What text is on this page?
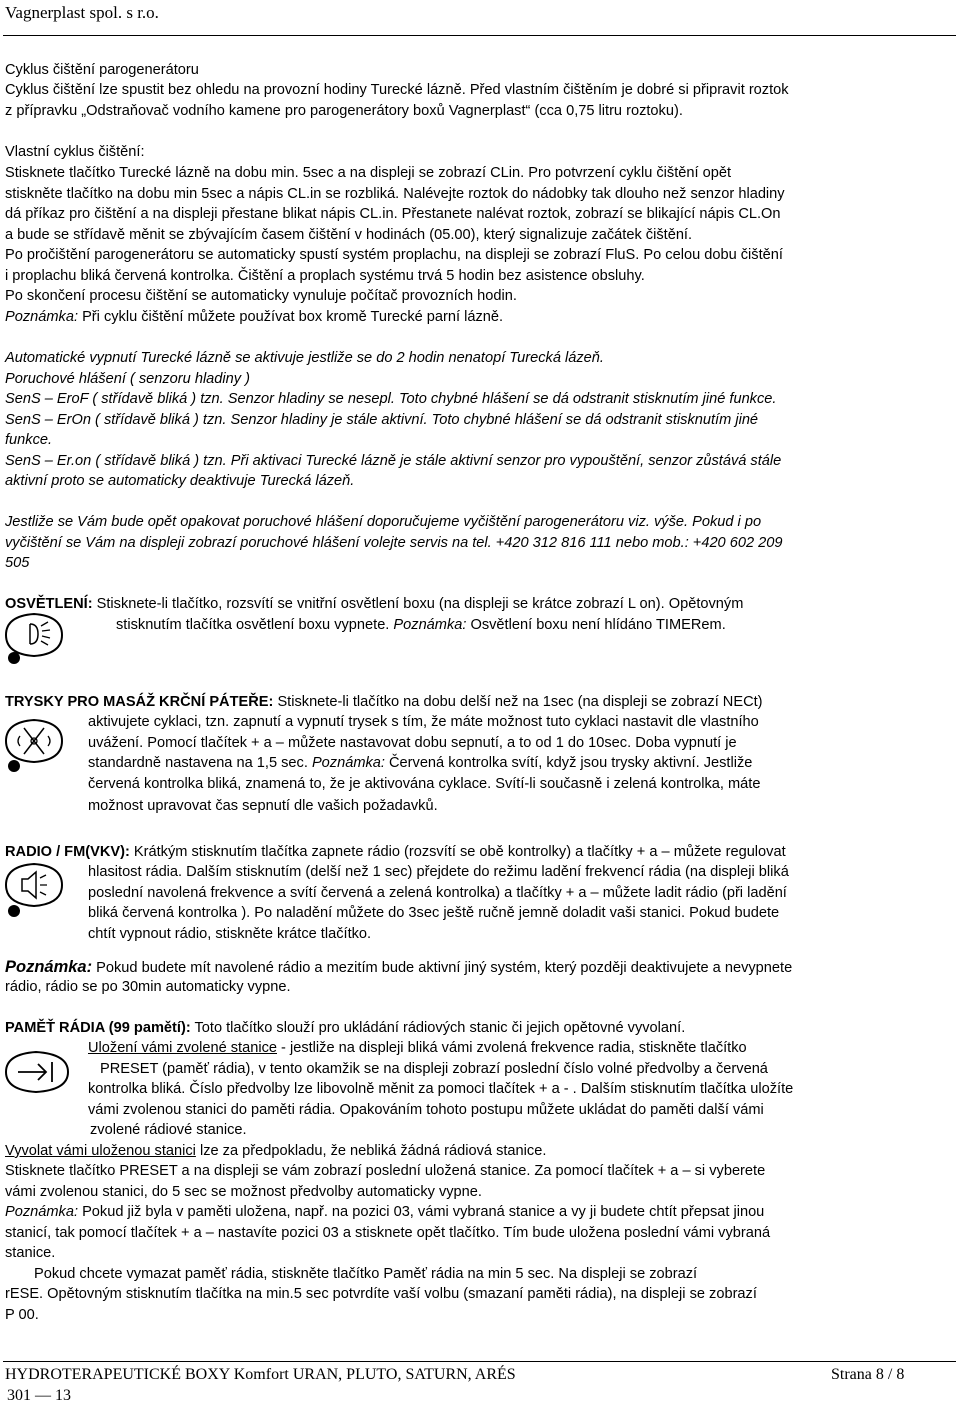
Vagnerplast spol. s r.o.
Cyklus čištění parogenerátoru
Cyklus čištění lze spustit bez ohledu na provozní hodiny Turecké lázně. Před vlastním čištěním je dobré si připravit roztok
z přípravku „Odstraňovač vodního kamene pro parogenerátory boxů Vagnerplast“ (cca 0,75 litru roztoku).
Vlastní cyklus čištění:
Stisknete tlačítko Turecké lázně na dobu min. 5sec a na displeji se zobrazí CLin. Pro potvrzení cyklu čištění opět
stiskněte tlačítko na dobu min 5sec a nápis CL.in se rozbliká. Nalévejte roztok do nádobky tak dlouho než senzor hladiny
dá příkaz pro čištění a na displeji přestane blikat nápis CL.in. Přestanete nalévat roztok, zobrazí se blikající nápis CL.On
a bude se střídavě měnit se zbývajícím časem čištění v hodinách (05.00), který signalizuje začátek čištění.
Po pročištění parogenerátoru se automaticky spustí systém proplachu, na displeji se zobrazí FluS. Po celou dobu čištění
i proplachu bliká červená kontrolka. Čištění a proplach systému trvá 5 hodin bez asistence obsluhy.
Po skončení procesu čištění se automaticky vynuluje počítač provozních hodin.
Poznámka: Při cyklu čištění můžete používat box kromě Turecké parní lázně.
Automatické vypnutí Turecké lázně se aktivuje jestliže se do 2 hodin nenatopí Turecká lázeň.
Poruchové hlášení ( senzoru hladiny )
SenS – EroF ( střídavě bliká ) tzn. Senzor hladiny se nesepl. Toto chybné hlášení se dá odstranit stisknutím jiné funkce.
SenS – ErOn ( střídavě bliká ) tzn. Senzor hladiny je stále aktivní. Toto chybné hlášení se dá odstranit stisknutím jiné
funkce.
SenS – Er.on ( střídavě bliká ) tzn. Při aktivaci Turecké lázně je stále aktivní senzor pro vypouštění, senzor zůstává stále
aktivní proto se automaticky deaktivuje Turecká lázeň.
Jestliže se Vám bude opět opakovat poruchové hlášení doporučujeme vyčištění parogenerátoru viz. výše. Pokud i po
vyčištění se Vám na displeji zobrazí poruchové hlášení volejte servis na tel. +420 312 816 111 nebo mob.: +420 602 209
505
OSVĚTLENÍ: Stisknete-li tlačítko, rozsvítí se vnitřní osvětlení boxu (na displeji se krátce zobrazí L on). Opětovným
stisknutím tlačítka osvětlení boxu vypnete. Poznámka: Osvětlení boxu není hlídáno TIMERem.
TRYSKY PRO MASÁŽ KRČNÍ PÁTEŘE: Stisknete-li tlačítko na dobu delší než na 1sec (na displeji se zobrazí NECt)
aktivujete cyklaci, tzn. zapnutí a vypnutí trysek s tím, že máte možnost tuto cyklaci nastavit dle vlastního
uvážení. Pomocí tlačítek + a – můžete nastavovat dobu sepnutí, a to od 1 do 10sec. Doba vypnutí je
standardně nastavena na 1,5 sec. Poznámka: Červená kontrolka svítí, když jsou trysky aktivní. Jestliže
červená kontrolka bliká, znamená to, že je aktivována cyklace. Svítí-li současně i zelená kontrolka, máte
možnost upravovat čas sepnutí dle vašich požadavků.
RADIO / FM(VKV): Krátkým stisknutím tlačítka zapnete rádio (rozsvítí se obě kontrolky) a tlačítky + a – můžete regulovat
hlasitost rádia. Dalším stisknutím (delší než 1 sec) přejdete do režimu ladění frekvencí rádia (na displeji bliká
poslední navolená frekvence a svítí červená a zelená kontrolka) a tlačítky + a – můžete ladit rádio (při ladění
bliká červená kontrolka ). Po naladění můžete do 3sec ještě ručně jemně doladit vaši stanici. Pokud budete
chtít vypnout rádio, stiskněte krátce tlačítko.
Poznámka: Pokud budete mít navolené rádio a mezitím bude aktivní jiný systém, který později deaktivujete a nevypnete
rádio, rádio se po 30min automaticky vypne.
PAMĚŤ RÁDIA (99 pamětí): Toto tlačítko slouží pro ukládání rádiových stanic či jejich opětovné vyvolaní.
Uložení vámi zvolené stanice - jestliže na displeji bliká vámi zvolená frekvence radia, stiskněte tlačítko
PRESET (paměť rádia), v tento okamžik se na displeji zobrazí poslední číslo volné předvolby a červená
kontrolka bliká. Číslo předvolby lze libovolně měnit za pomoci tlačítek + a - . Dalším stisknutím tlačítka uložíte
vámi zvolenou stanici do paměti rádia. Opakováním tohoto postupu můžete ukládat do paměti další vámi
zvolené rádiové stanice.
Vyvolat vámi uloženou stanici lze za předpokladu, že nebliká žádná rádiová stanice.
Stisknete tlačítko PRESET a na displeji se vám zobrazí poslední uložená stanice. Za pomocí tlačítek + a – si vyberete
vámi zvolenou stanici, do 5 sec se možnost předvolby automaticky vypne.
Poznámka: Pokud již byla v paměti uložena, např. na pozici 03, vámi vybraná stanice a vy ji budete chtít přepsat jinou
stanicí, tak pomocí tlačítek + a – nastavíte pozici 03 a stisknete opět tlačítko. Tím bude uložena poslední vámi vybraná
stanice.
Pokud chcete vymazat paměť rádia, stiskněte tlačítko Paměť rádia na min 5 sec. Na displeji se zobrazí
rESE. Opětovným stisknutím tlačítka na min.5 sec potvrdíte vaší volbu (smazaní paměti rádia), na displeji se zobrazí
P 00.
HYDROTERAPEUTICKÉ BOXY Komfort URAN, PLUTO, SATURN, ARÉS	Strana 8 / 8
301 — 13
